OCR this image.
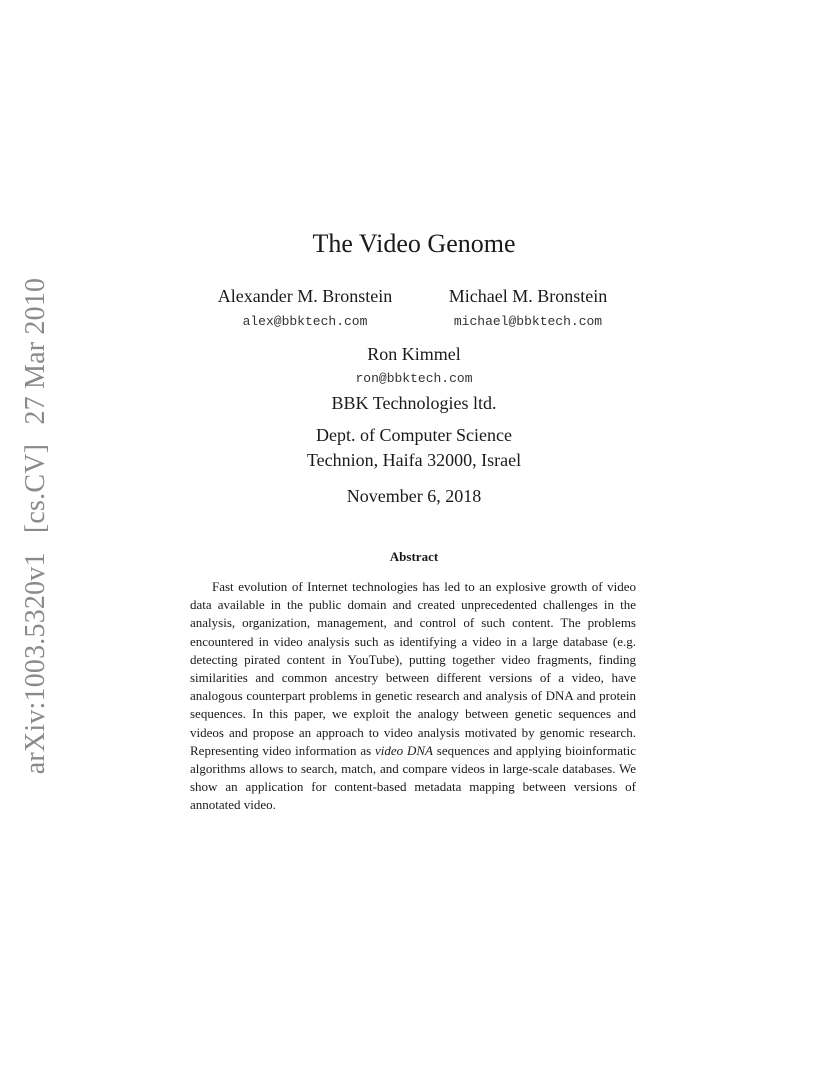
arXiv:1003.5320v1 [cs.CV] 27 Mar 2010
The Video Genome
Alexander M. Bronstein
alex@bbktech.com
Michael M. Bronstein
michael@bbktech.com
Ron Kimmel
ron@bbktech.com
BBK Technologies ltd.
Dept. of Computer Science
Technion, Haifa 32000, Israel
November 6, 2018
Abstract
Fast evolution of Internet technologies has led to an explosive growth of video data available in the public domain and created unprecedented challenges in the analysis, organization, management, and control of such content. The problems encountered in video analysis such as identifying a video in a large database (e.g. detecting pirated content in YouTube), putting together video fragments, finding similarities and common ancestry between different versions of a video, have analogous counterpart problems in genetic research and analysis of DNA and protein sequences. In this paper, we exploit the analogy between genetic sequences and videos and propose an approach to video analysis motivated by genomic research. Representing video information as video DNA sequences and applying bioinformatic algorithms allows to search, match, and compare videos in large-scale databases. We show an application for content-based metadata mapping between versions of annotated video.
